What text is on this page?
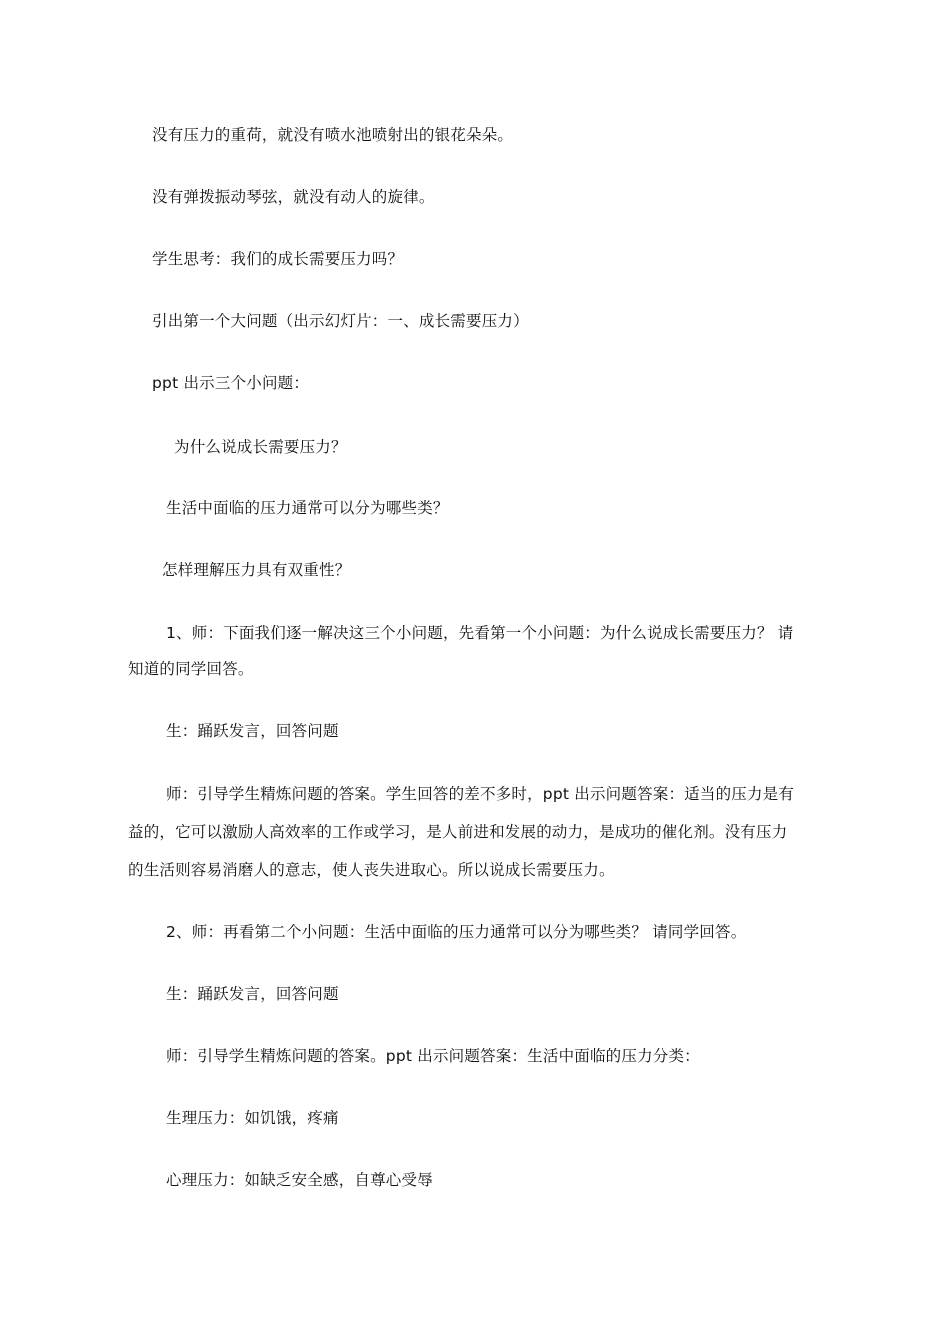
没有压力的重荷，就没有喷水池喷射出的银花朵朵。
没有弹拨振动琴弦，就没有动人的旋律。
学生思考：我们的成长需要压力吗？
引出第一个大问题（出示幻灯片：一、成长需要压力）
ppt 出示三个小问题：
为什么说成长需要压力？
生活中面临的压力通常可以分为哪些类？
怎样理解压力具有双重性？
1、师：下面我们逐一解决这三个小问题，先看第一个小问题：为什么说成长需要压力？ 请
知道的同学回答。
生：踊跃发言，回答问题
师：引导学生精炼问题的答案。学生回答的差不多时，ppt 出示问题答案：适当的压力是有
益的，它可以激励人高效率的工作或学习，是人前进和发展的动力，是成功的催化剂。没有压力
的生活则容易消磨人的意志，使人丧失进取心。所以说成长需要压力。
2、师：再看第二个小问题：生活中面临的压力通常可以分为哪些类？ 请同学回答。
生：踊跃发言，回答问题
师：引导学生精炼问题的答案。ppt 出示问题答案：生活中面临的压力分类：
生理压力：如饥饿，疼痛
心理压力：如缺乏安全感，自尊心受辱
